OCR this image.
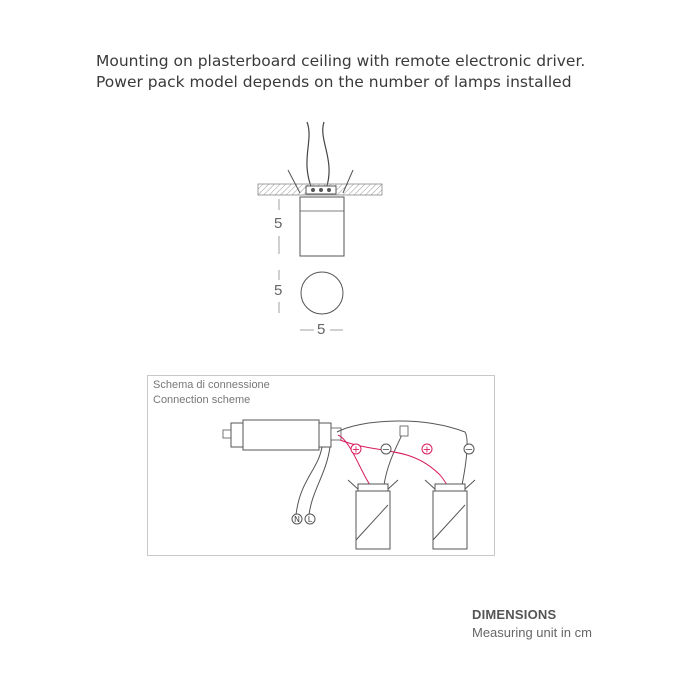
Mounting on plasterboard ceiling with remote electronic driver.
Power pack model depends on the number of lamps installed
5
5
5
Schema di connessione
Connection scheme
+ −	+	−
N L
DIMENSIONS
Measuring unit in cm
